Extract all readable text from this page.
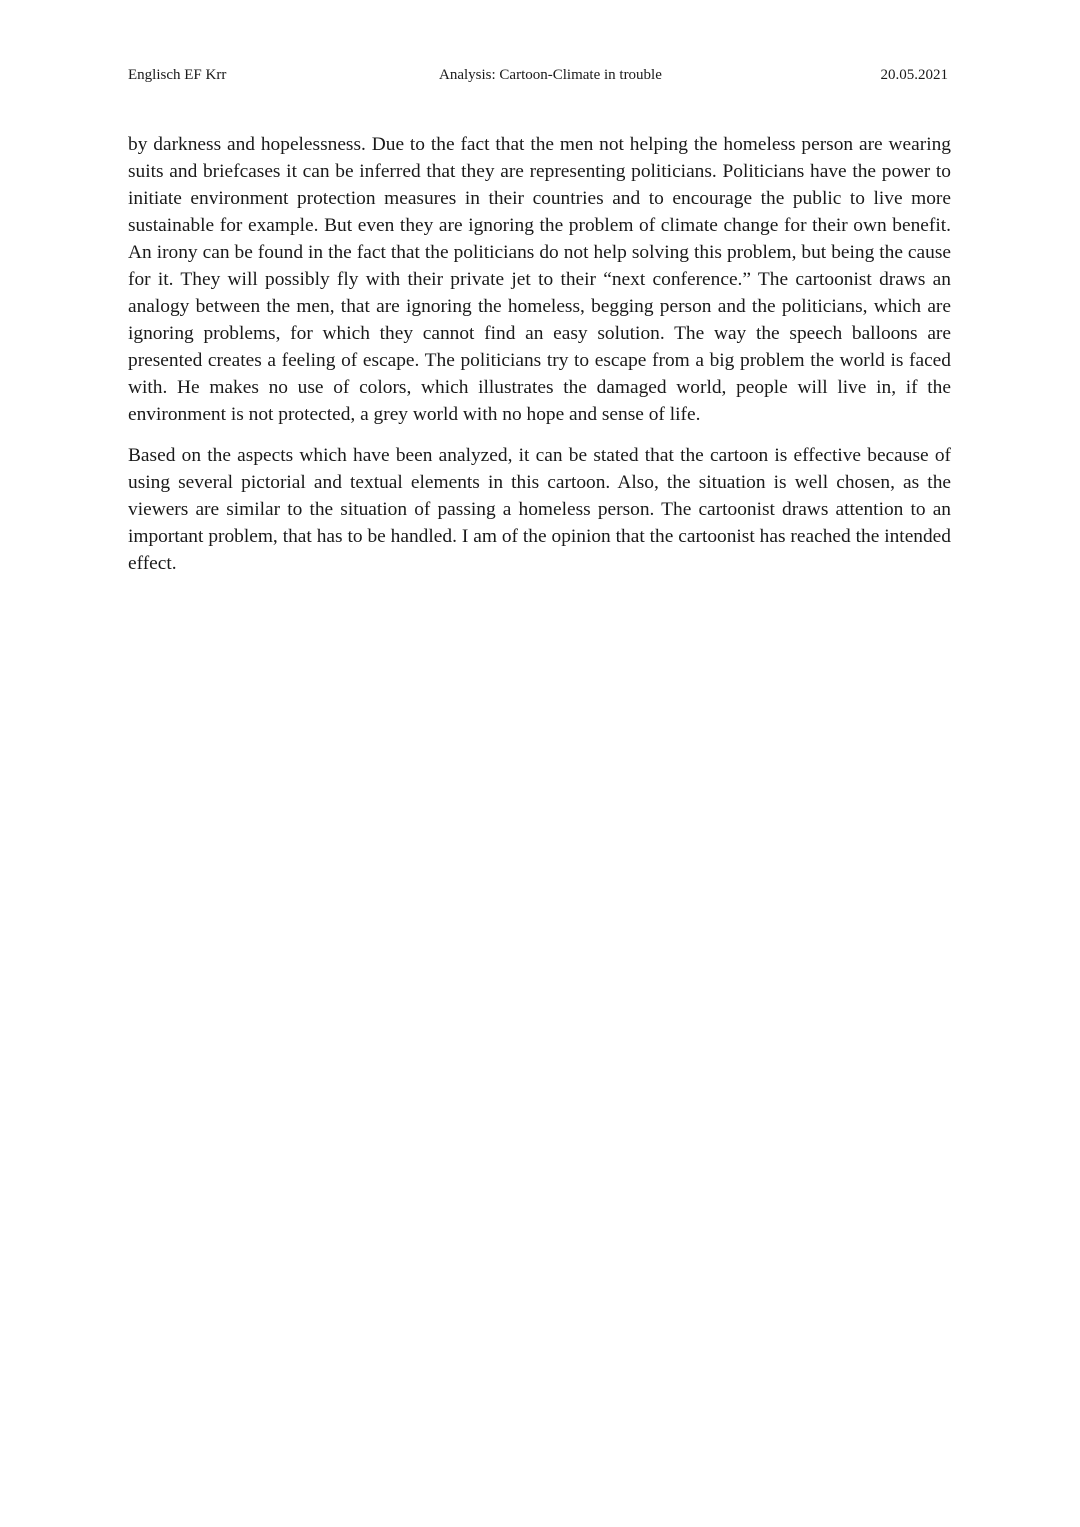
Englisch EF Krr	Analysis: Cartoon-Climate in trouble	20.05.2021

by darkness and hopelessness. Due to the fact that the men not helping the homeless person are wearing suits and briefcases it can be inferred that they are representing politicians. Politicians have the power to initiate environment protection measures in their countries and to encourage the public to live more sustainable for example. But even they are ignoring the problem of climate change for their own benefit. An irony can be found in the fact that the politicians do not help solving this problem, but being the cause for it. They will possibly fly with their private jet to their “next conference.” The cartoonist draws an analogy between the men, that are ignoring the homeless, begging person and the politicians, which are ignoring problems, for which they cannot find an easy solution. The way the speech balloons are presented creates a feeling of escape. The politicians try to escape from a big problem the world is faced with. He makes no use of colors, which illustrates the damaged world, people will live in, if the environment is not protected, a grey world with no hope and sense of life.

Based on the aspects which have been analyzed, it can be stated that the cartoon is effective because of using several pictorial and textual elements in this cartoon. Also, the situation is well chosen, as the viewers are similar to the situation of passing a homeless person. The cartoonist draws attention to an important problem, that has to be handled. I am of the opinion that the cartoonist has reached the intended effect.
